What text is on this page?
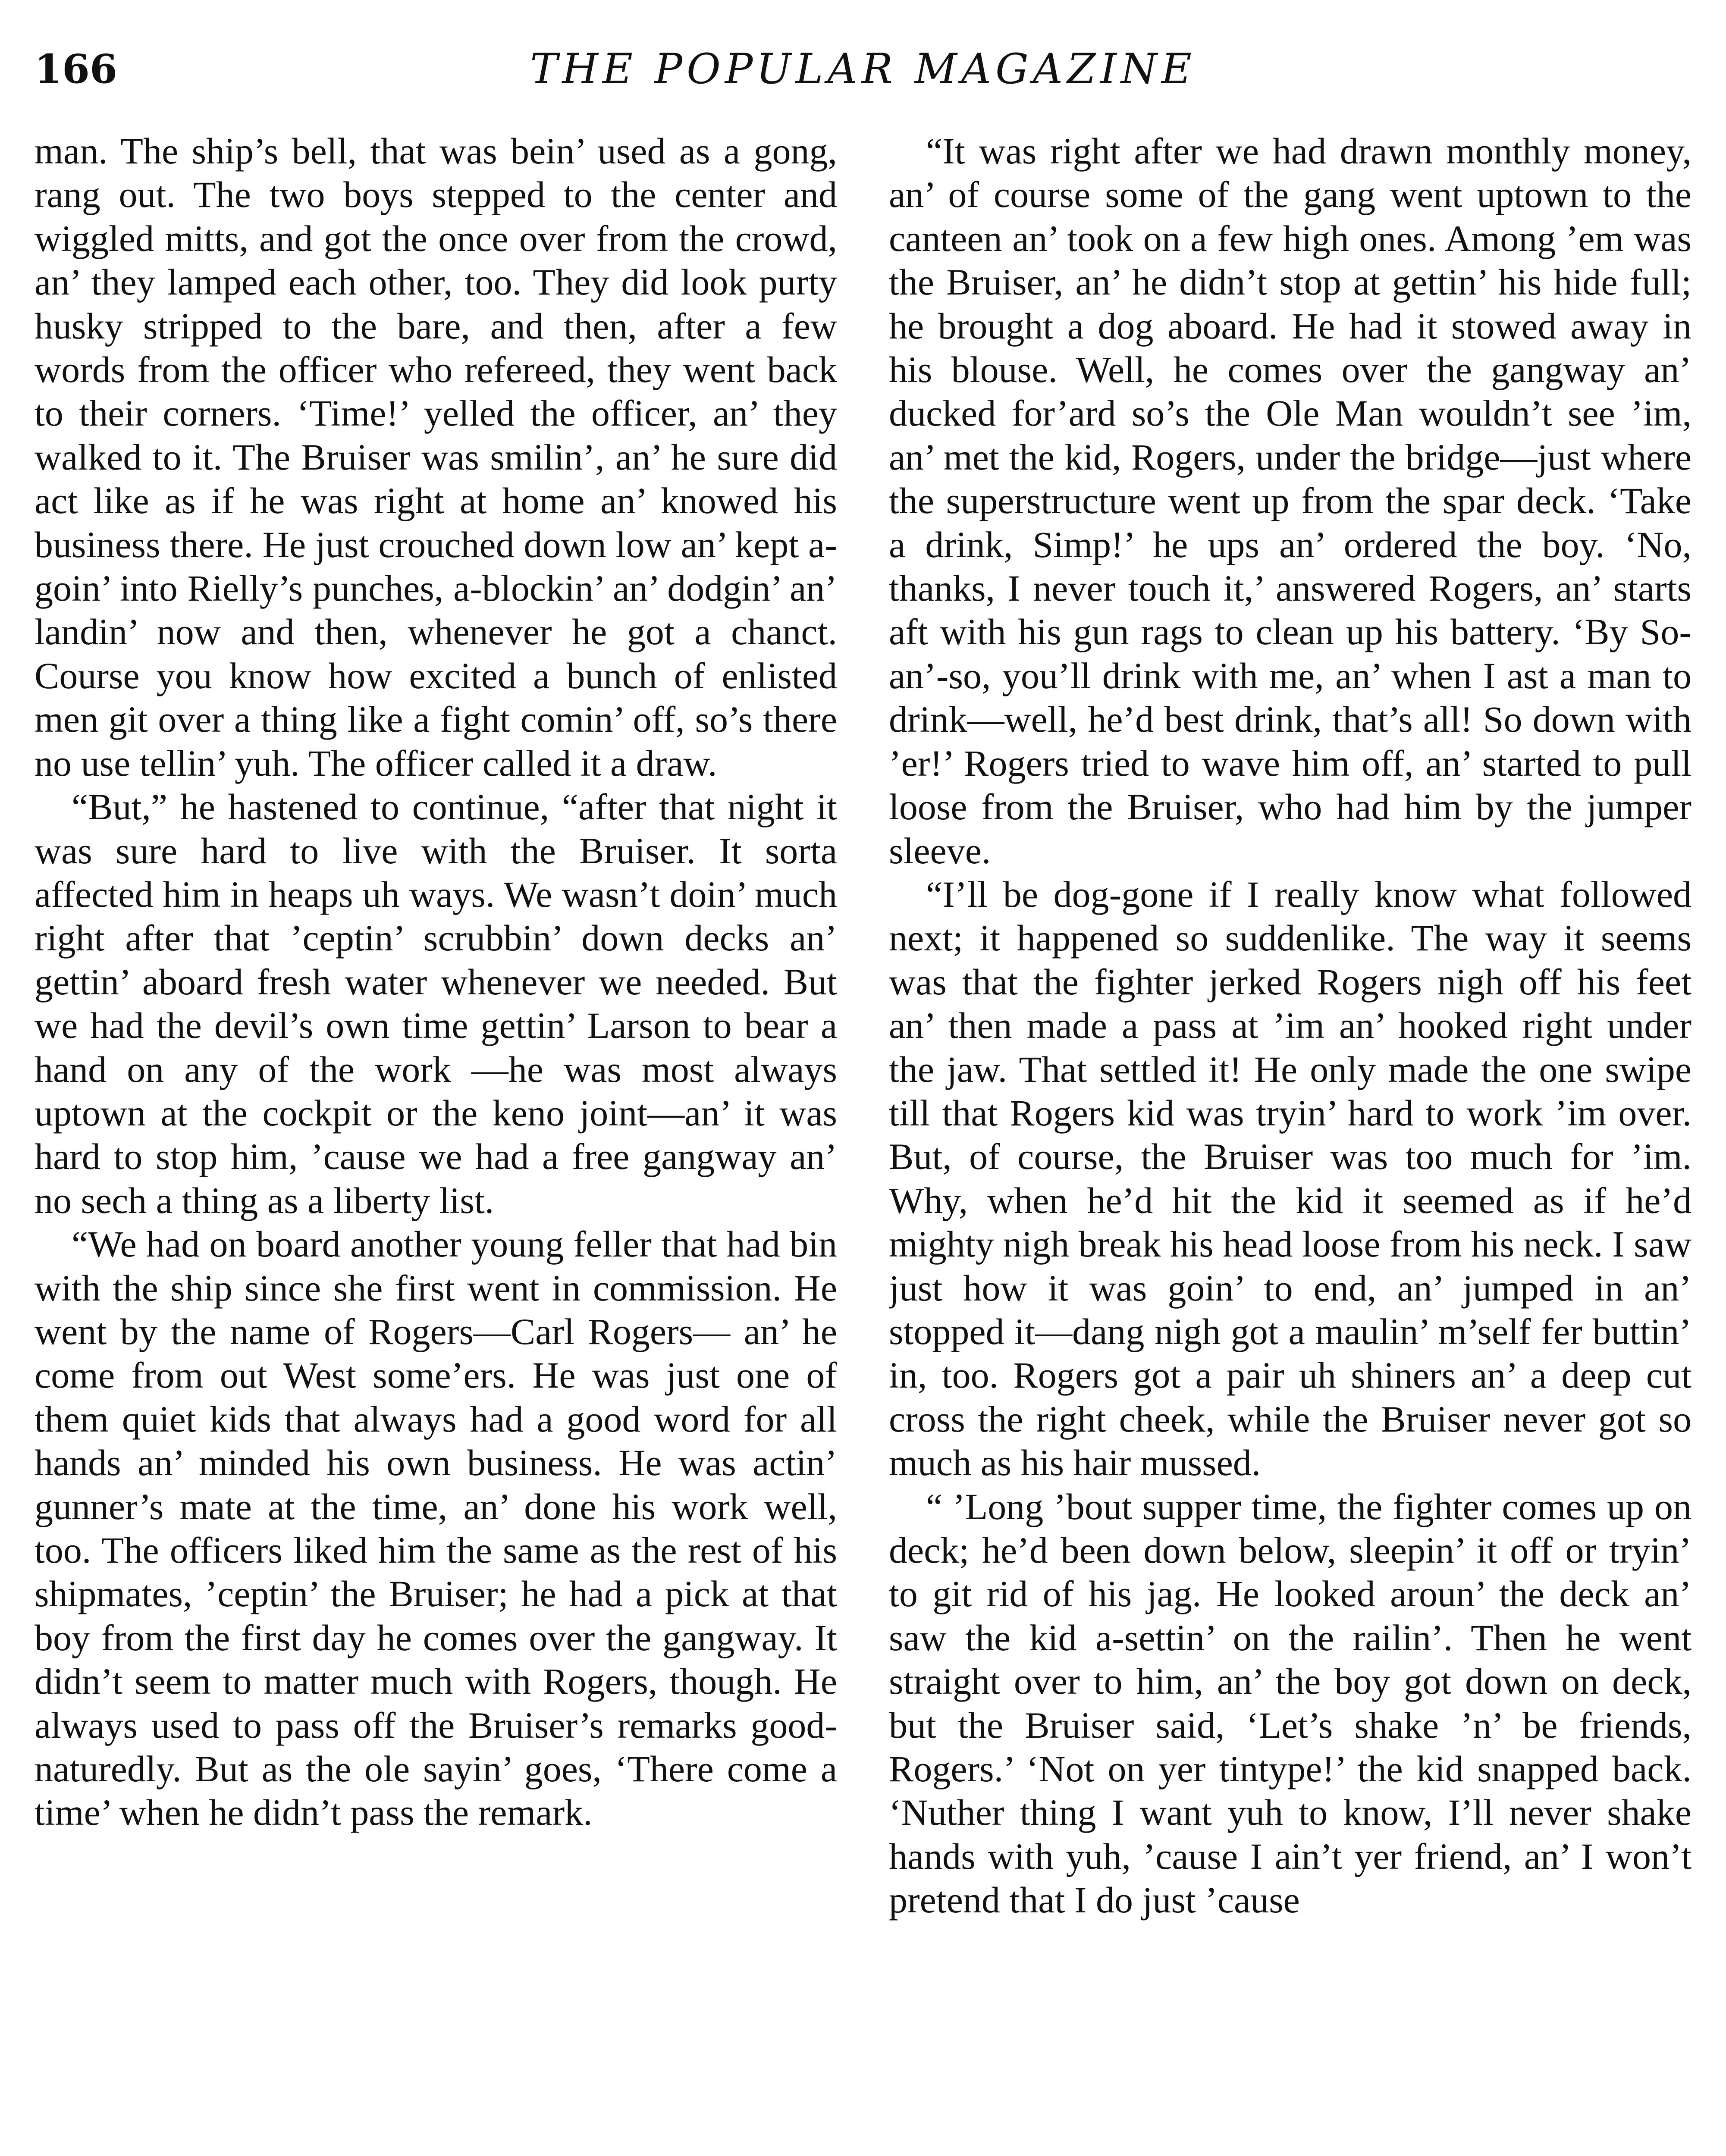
166	THE POPULAR MAGAZINE

man. The ship’s bell, that was bein’ used as a gong, rang out. The two boys stepped to the center and wiggled mitts, and got the once over from the crowd, an’ they lamped each other, too. They did look purty husky stripped to the bare, and then, after a few words from the officer who refereed, they went back to their corners. ‘Time!’ yelled the officer, an’ they walked to it. The Bruiser was smilin’, an’ he sure did act like as if he was right at home an’ knowed his business there. He just crouched down low an’ kept a-goin’ into Rielly’s punches, a-blockin’ an’ dodgin’ an’ landin’ now and then, whenever he got a chanct. Course you know how excited a bunch of enlisted men git over a thing like a fight comin’ off, so’s there no use tellin’ yuh. The officer called it a draw.

“But,” he hastened to continue, “after that night it was sure hard to live with the Bruiser. It sorta affected him in heaps uh ways. We wasn’t doin’ much right after that ’ceptin’ scrubbin’ down decks an’ gettin’ aboard fresh water whenever we needed. But we had the devil’s own time gettin’ Larson to bear a hand on any of the work —he was most always uptown at the cockpit or the keno joint—an’ it was hard to stop him, ’cause we had a free gangway an’ no sech a thing as a liberty list.

“We had on board another young feller that had bin with the ship since she first went in commission. He went by the name of Rogers—Carl Rogers— an’ he come from out West some’ers. He was just one of them quiet kids that always had a good word for all hands an’ minded his own business. He was actin’ gunner’s mate at the time, an’ done his work well, too. The officers liked him the same as the rest of his shipmates, ’ceptin’ the Bruiser; he had a pick at that boy from the first day he comes over the gangway. It didn’t seem to matter much with Rogers, though. He always used to pass off the Bruiser’s remarks good-naturedly. But as the ole sayin’ goes, ‘There come a time’ when he didn’t pass the remark.

“It was right after we had drawn monthly money, an’ of course some of the gang went uptown to the canteen an’ took on a few high ones. Among ’em was the Bruiser, an’ he didn’t stop at gettin’ his hide full; he brought a dog aboard. He had it stowed away in his blouse. Well, he comes over the gangway an’ ducked for’ard so’s the Ole Man wouldn’t see ’im, an’ met the kid, Rogers, under the bridge—just where the superstructure went up from the spar deck. ‘Take a drink, Simp!’ he ups an’ ordered the boy. ‘No, thanks, I never touch it,’ answered Rogers, an’ starts aft with his gun rags to clean up his battery. ‘By So-an’-so, you’ll drink with me, an’ when I ast a man to drink—well, he’d best drink, that’s all! So down with ’er!’ Rogers tried to wave him off, an’ started to pull loose from the Bruiser, who had him by the jumper sleeve.

“I’ll be dog-gone if I really know what followed next; it happened so suddenlike. The way it seems was that the fighter jerked Rogers nigh off his feet an’ then made a pass at ’im an’ hooked right under the jaw. That settled it! He only made the one swipe till that Rogers kid was tryin’ hard to work ’im over. But, of course, the Bruiser was too much for ’im. Why, when he’d hit the kid it seemed as if he’d mighty nigh break his head loose from his neck. I saw just how it was goin’ to end, an’ jumped in an’ stopped it—dang nigh got a maulin’ m’self fer buttin’ in, too. Rogers got a pair uh shiners an’ a deep cut cross the right cheek, while the Bruiser never got so much as his hair mussed.

“ ’Long ’bout supper time, the fighter comes up on deck; he’d been down below, sleepin’ it off or tryin’ to git rid of his jag. He looked aroun’ the deck an’ saw the kid a-settin’ on the railin’. Then he went straight over to him, an’ the boy got down on deck, but the Bruiser said, ‘Let’s shake ’n’ be friends, Rogers.’ ‘Not on yer tintype!’ the kid snapped back. ‘Nuther thing I want yuh to know, I’ll never shake hands with yuh, ’cause I ain’t yer friend, an’ I won’t pretend that I do just ’cause
